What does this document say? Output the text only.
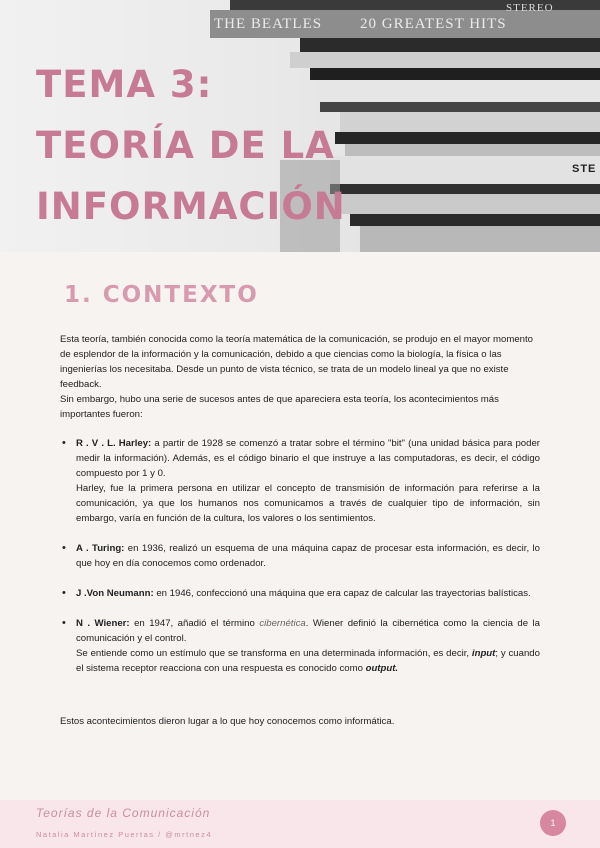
THE BEATLES	20 GREATEST HITS
STEREO
STE
TEMA 3:
TEORÍA DE LA
INFORMACIÓN
1. CONTEXTO
Esta teoría, también conocida como la teoría matemática de la comunicación, se produjo en el mayor momento de esplendor de la información y la comunicación, debido a que ciencias como la biología, la física o las ingenierías los necesitaba. Desde un punto de vista técnico, se trata de un modelo lineal ya que no existe feedback.
Sin embargo, hubo una serie de sucesos antes de que apareciera esta teoría, los acontecimientos más importantes fueron:

• R . V . L. Harley: a partir de 1928 se comenzó a tratar sobre el término "bit" (una unidad básica para poder medir la información). Además, es el código binario el que instruye a las computadoras, es decir, el código compuesto por 1 y 0.

Harley, fue la primera persona en utilizar el concepto de transmisión de información para referirse a la comunicación, ya que los humanos nos comunicamos a través de cualquier tipo de información, sin embargo, varía en función de la cultura, los valores o los sentimientos.

• A . Turing: en 1936, realizó un esquema de una máquina capaz de procesar esta información, es decir, lo que hoy en día conocemos como ordenador.

• J .Von Neumann: en 1946, confeccionó una máquina que era capaz de calcular las trayectorias balísticas.

• N . Wiener: en 1947, añadió el término cibernética. Wiener definió la cibernética como la ciencia de la comunicación y el control.

Se entiende como un estímulo que se transforma en una determinada información, es decir, input; y cuando el sistema receptor reacciona con una respuesta es conocido como output.

Estos acontecimientos dieron lugar a lo que hoy conocemos como informática.
Teorías de la Comunicación
Natalia Martínez Puertas / @mrtnez4
1
